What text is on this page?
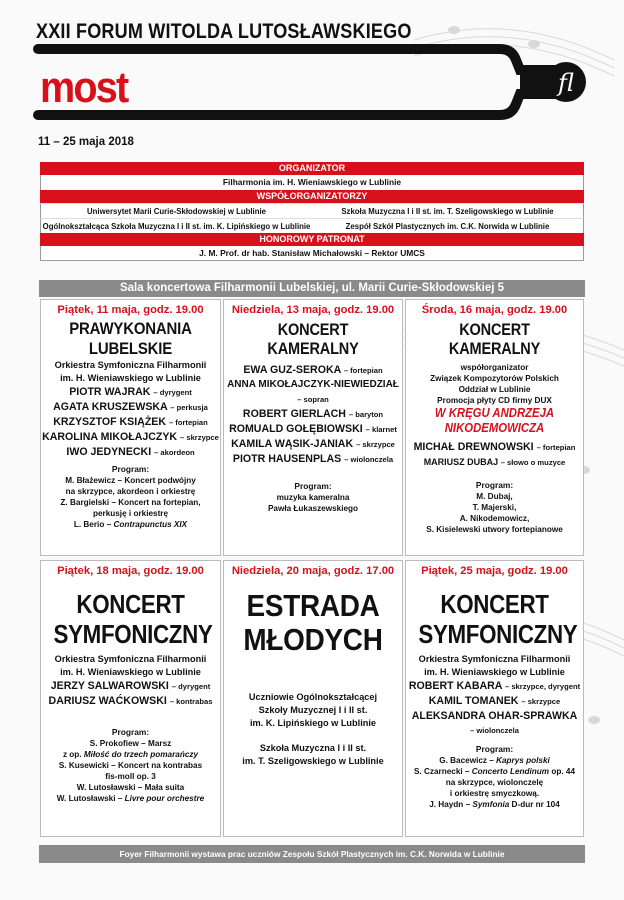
XXII FORUM WITOLDA LUTOSŁAWSKIEGO
fl
most
11 – 25 maja 2018
ORGANIZATOR
Filharmonia im. H. Wieniawskiego w Lublinie
WSPÓŁORGANIZATORZY
Uniwersytet Marii Curie-Skłodowskiej w Lublinie	Szkoła Muzyczna I i II st. im. T. Szeligowskiego w Lublinie
Ogólnokształcąca Szkoła Muzyczna I i II st. im. K. Lipińskiego w Lublinie	Zespół Szkół Plastycznych im. C.K. Norwida w Lublinie
HONOROWY PATRONAT
J. M. Prof. dr hab. Stanisław Michałowski – Rektor UMCS
Sala koncertowa Filharmonii Lubelskiej, ul. Marii Curie-Skłodowskiej 5
Piątek, 11 maja, godz. 19.00
PRAWYKONANIA
LUBELSKIE
Orkiestra Symfoniczna Filharmonii
im. H. Wieniawskiego w Lublinie
PIOTR WAJRAK – dyrygent
AGATA KRUSZEWSKA – perkusja
KRZYSZTOF KSIĄŻEK – fortepian
KAROLINA MIKOŁAJCZYK – skrzypce
IWO JEDYNECKI – akordeon
Program:
M. Błażewicz – Koncert podwójny
na skrzypce, akordeon i orkiestrę
Z. Bargielski – Koncert na fortepian,
perkusję i orkiestrę
L. Berio – Contrapunctus XIX
Niedziela, 13 maja, godz. 19.00
KONCERT KAMERALNY
EWA GUZ-SEROKA – fortepian
ANNA MIKOŁAJCZYK-NIEWIEDZIAŁ
– sopran
ROBERT GIERLACH – baryton
ROMUALD GOŁĘBIOWSKI – klarnet
KAMILA WĄSIK-JANIAK – skrzypce
PIOTR HAUSENPLAS – wiolonczela
Program:
muzyka kameralna
Pawła Łukaszewskiego
Środa, 16 maja, godz. 19.00
KONCERT KAMERALNY
współorganizator
Związek Kompozytorów Polskich
Oddział w Lublinie
Promocja płyty CD firmy DUX
W KRĘGU ANDRZEJA
NIKODEMOWICZA
MICHAŁ DREWNOWSKI – fortepian
MARIUSZ DUBAJ – słowo o muzyce
Program:
M. Dubaj,
T. Majerski,
A. Nikodemowicz,
S. Kisielewski utwory fortepianowe
Piątek, 18 maja, godz. 19.00
KONCERT
SYMFONICZNY
Orkiestra Symfoniczna Filharmonii
im. H. Wieniawskiego w Lublinie
JERZY SALWAROWSKI – dyrygent
DARIUSZ WAĆKOWSKI – kontrabas
Program:
S. Prokofiew – Marsz
z op. Miłość do trzech pomarańczy
S. Kusewicki – Koncert na kontrabas
fis-moll op. 3
W. Lutosławski – Mała suita
W. Lutosławski – Livre pour orchestre
Niedziela, 20 maja, godz. 17.00
ESTRADA
MŁODYCH
Uczniowie Ogólnokształcącej
Szkoły Muzycznej I i II st.
im. K. Lipińskiego w Lublinie
Szkoła Muzyczna I i II st.
im. T. Szeligowskiego w Lublinie
Piątek, 25 maja, godz. 19.00
KONCERT
SYMFONICZNY
Orkiestra Symfoniczna Filharmonii
im. H. Wieniawskiego w Lublinie
ROBERT KABARA – skrzypce, dyrygent
KAMIL TOMANEK – skrzypce
ALEKSANDRA OHAR-SPRAWKA
– wiolonczela
Program:
G. Bacewicz – Kaprys polski
S. Czarnecki – Concerto Lendinum op. 44
na skrzypce, wiolonczelę
i orkiestrę smyczkową.
J. Haydn – Symfonia D-dur nr 104
Foyer Filharmonii wystawa prac uczniów Zespołu Szkół Plastycznych im. C.K. Norwida w Lublinie
